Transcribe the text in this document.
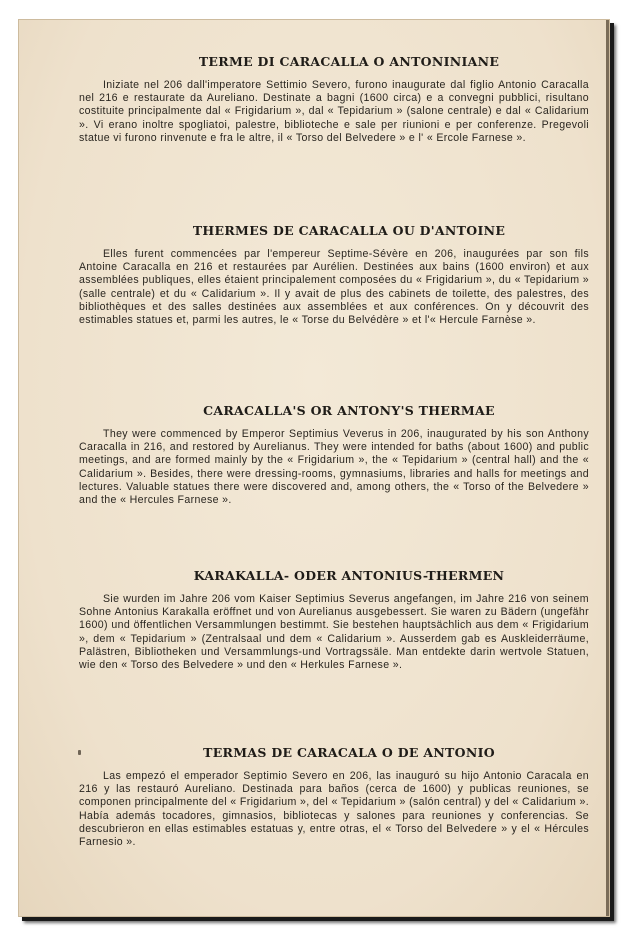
TERME DI CARACALLA O ANTONINIANE

Iniziate nel 206 dall'imperatore Settimio Severo, furono inaugurate dal figlio Antonio Caracalla nel 216 e restaurate da Aureliano. Destinate a bagni (1600 circa) e a convegni pubblici, risultano costituite principalmente dal « Frigidarium », dal « Tepidarium » (salone centrale) e dal « Calidarium ». Vi erano inoltre spogliatoi, palestre, biblioteche e sale per riunioni e per conferenze. Pregevoli statue vi furono rinvenute e fra le altre, il « Torso del Belvedere » e l' « Ercole Farnese ».

THERMES DE CARACALLA OU D'ANTOINE

Elles furent commencées par l'empereur Septime-Sévère en 206, inaugurées par son fils Antoine Caracalla en 216 et restaurées par Aurélien. Destinées aux bains (1600 environ) et aux assemblées publiques, elles étaient principalement composées du « Frigidarium », du « Tepidarium » (salle centrale) et du « Calidarium ». Il y avait de plus des cabinets de toilette, des palestres, des bibliothèques et des salles destinées aux assemblées et aux conférences. On y découvrit des estimables statues et, parmi les autres, le « Torse du Belvédère » et l'« Hercule Farnèse ».

CARACALLA'S OR ANTONY'S THERMAE

They were commenced by Emperor Septimius Veverus in 206, inaugurated by his son Anthony Caracalla in 216, and restored by Aurelianus. They were intended for baths (about 1600) and public meetings, and are formed mainly by the « Frigidarium », the « Tepidarium » (central hall) and the « Calidarium ». Besides, there were dressing-rooms, gymnasiums, libraries and halls for meetings and lectures. Valuable statues there were discovered and, among others, the « Torso of the Belvedere » and the « Hercules Farnese ».

KARAKALLA- ODER ANTONIUS-THERMEN

Sie wurden im Jahre 206 vom Kaiser Septimius Severus angefangen, im Jahre 216 von seinem Sohne Antonius Karakalla eröffnet und von Aurelianus ausgebessert. Sie waren zu Bädern (ungefähr 1600) und öffentlichen Versammlungen bestimmt. Sie bestehen hauptsächlich aus dem « Frigidarium », dem « Tepidarium » (Zentralsaal und dem « Calidarium ». Ausserdem gab es Auskleiderräume, Palästren, Bibliotheken und Versammlungs-und Vortragssäle. Man entdekte darin wertvole Statuen, wie den « Torso des Belvedere » und den « Herkules Farnese ».

TERMAS DE CARACALA O DE ANTONIO

Las empezó el emperador Septimio Severo en 206, las inauguró su hijo Antonio Caracala en 216 y las restauró Aureliano. Destinada para baños (cerca de 1600) y publicas reuniones, se componen principalmente del « Frigidarium », del « Tepidarium » (salón central) y del « Calidarium ». Había además tocadores, gimnasios, bibliotecas y salones para reuniones y conferencias. Se descubrieron en ellas estimables estatuas y, entre otras, el « Torso del Belvedere » y el « Hércules Farnesio ».
